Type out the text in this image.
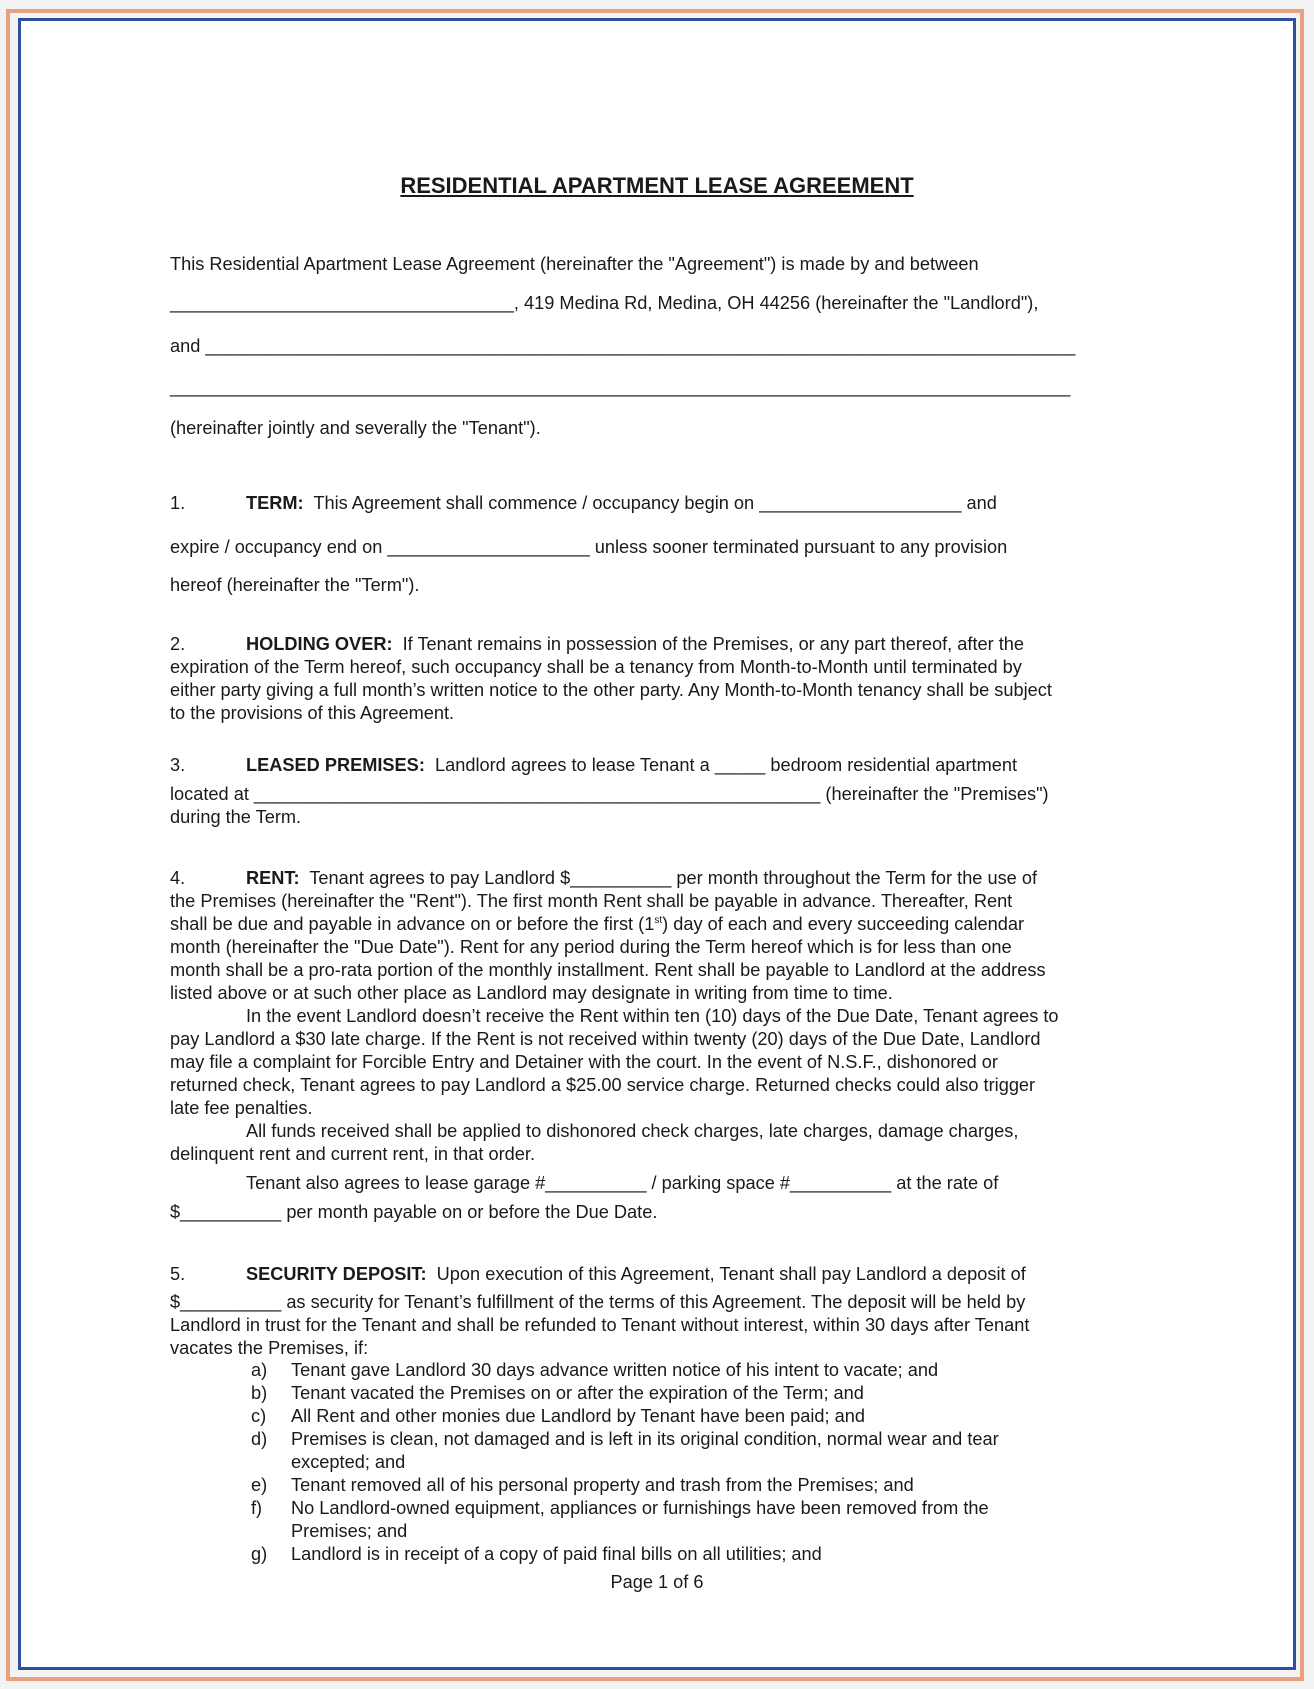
RESIDENTIAL APARTMENT LEASE AGREEMENT
This Residential Apartment Lease Agreement (hereinafter the "Agreement") is made by and between
__________________________________, 419 Medina Rd, Medina, OH 44256 (hereinafter the "Landlord"),
and ______________________________________________________________________________________
_________________________________________________________________________________________
(hereinafter jointly and severally the "Tenant").
1.	TERM: This Agreement shall commence / occupancy begin on ____________________ and
expire / occupancy end on ____________________ unless sooner terminated pursuant to any provision
hereof (hereinafter the "Term").
2.	HOLDING OVER: If Tenant remains in possession of the Premises, or any part thereof, after the

expiration of the Term hereof, such occupancy shall be a tenancy from Month-to-Month until terminated by

either party giving a full month’s written notice to the other party. Any Month-to-Month tenancy shall be subject

to the provisions of this Agreement.

3.	LEASED PREMISES: Landlord agrees to lease Tenant a _____ bedroom residential apartment

located at ________________________________________________________ (hereinafter the "Premises")

during the Term.

4.	RENT: Tenant agrees to pay Landlord $__________ per month throughout the Term for the use of

the Premises (hereinafter the "Rent"). The first month Rent shall be payable in advance. Thereafter, Rent

shall be due and payable in advance on or before the first (1st) day of each and every succeeding calendar

month (hereinafter the "Due Date"). Rent for any period during the Term hereof which is for less than one

month shall be a pro-rata portion of the monthly installment. Rent shall be payable to Landlord at the address

listed above or at such other place as Landlord may designate in writing from time to time.

In the event Landlord doesn’t receive the Rent within ten (10) days of the Due Date, Tenant agrees to

pay Landlord a $30 late charge. If the Rent is not received within twenty (20) days of the Due Date, Landlord

may file a complaint for Forcible Entry and Detainer with the court. In the event of N.S.F., dishonored or

returned check, Tenant agrees to pay Landlord a $25.00 service charge. Returned checks could also trigger

late fee penalties.

All funds received shall be applied to dishonored check charges, late charges, damage charges,

delinquent rent and current rent, in that order.

Tenant also agrees to lease garage #__________ / parking space #__________ at the rate of

$__________ per month payable on or before the Due Date.

5.	SECURITY DEPOSIT: Upon execution of this Agreement, Tenant shall pay Landlord a deposit of

$__________ as security for Tenant’s fulfillment of the terms of this Agreement. The deposit will be held by

Landlord in trust for the Tenant and shall be refunded to Tenant without interest, within 30 days after Tenant

vacates the Premises, if:

a) Tenant gave Landlord 30 days advance written notice of his intent to vacate; and
b) Tenant vacated the Premises on or after the expiration of the Term; and
c) All Rent and other monies due Landlord by Tenant have been paid; and
d) Premises is clean, not damaged and is left in its original condition, normal wear and tear
excepted; and
e) Tenant removed all of his personal property and trash from the Premises; and
f) No Landlord-owned equipment, appliances or furnishings have been removed from the
Premises; and
g) Landlord is in receipt of a copy of paid final bills on all utilities; and
Page 1 of 6
